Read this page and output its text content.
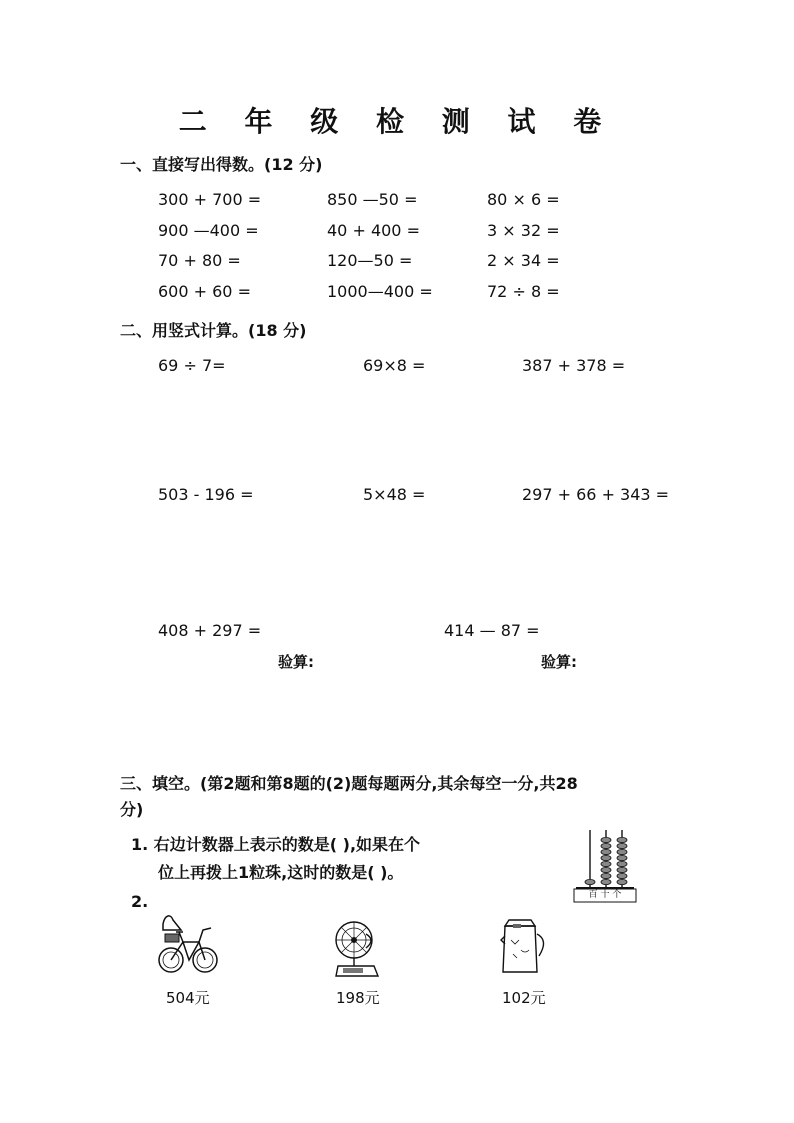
二 年 级 检 测 试 卷
一、直接写出得数。(12 分)
300 + 700 =	850 —50 =	80 × 6 =
900 —400 =	40 + 400 =	3 × 32 =
70 + 80 =	120—50 =	2 × 34 =
600 + 60 =	1000—400 =	72 ÷ 8 =
二、用竖式计算。(18 分)
69 ÷ 7=	69×8 =	387 + 378 =
503 - 196 =	5×48 =	297 + 66 + 343 =
408 + 297 =	414 — 87 =
验算:	验算:
三、填空。(第2题和第8题的(2)题每题两分,其余每空一分,共28
分)
1. 右边计数器上表示的数是( ),如果在个
位上再拨上1粒珠,这时的数是( )。
百 十 个
2.
504元	198元	102元
